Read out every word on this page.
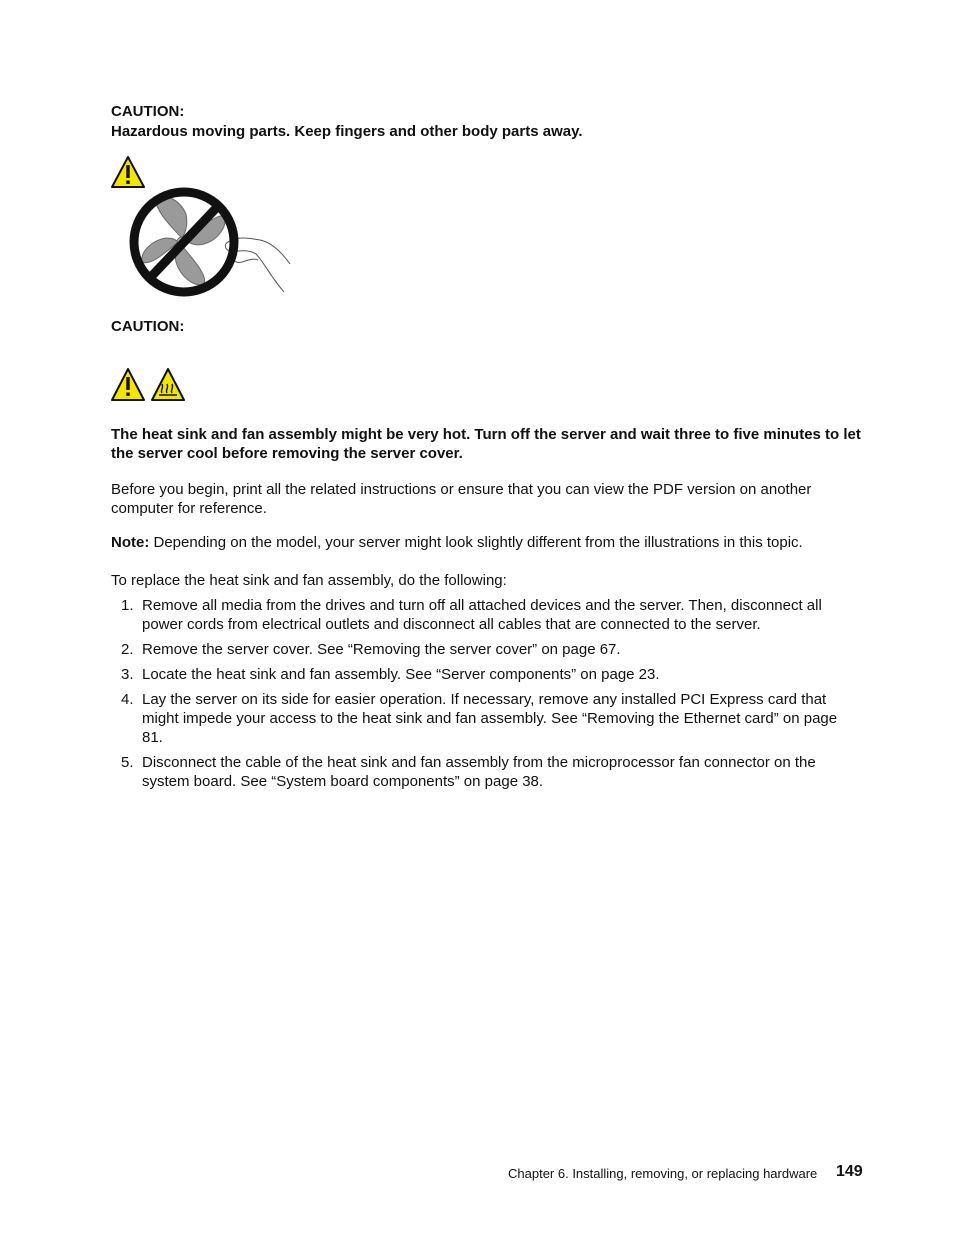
CAUTION:
Hazardous moving parts. Keep fingers and other body parts away.
CAUTION:
The heat sink and fan assembly might be very hot. Turn off the server and wait three to five minutes to let the server cool before removing the server cover.
Before you begin, print all the related instructions or ensure that you can view the PDF version on another computer for reference.
Note: Depending on the model, your server might look slightly different from the illustrations in this topic.
To replace the heat sink and fan assembly, do the following:
1. Remove all media from the drives and turn off all attached devices and the server. Then, disconnect all power cords from electrical outlets and disconnect all cables that are connected to the server.
2. Remove the server cover. See “Removing the server cover” on page 67.
3. Locate the heat sink and fan assembly. See “Server components” on page 23.
4. Lay the server on its side for easier operation. If necessary, remove any installed PCI Express card that might impede your access to the heat sink and fan assembly. See “Removing the Ethernet card” on page 81.
5. Disconnect the cable of the heat sink and fan assembly from the microprocessor fan connector on the system board. See “System board components” on page 38.
Chapter 6. Installing, removing, or replacing hardware 149
